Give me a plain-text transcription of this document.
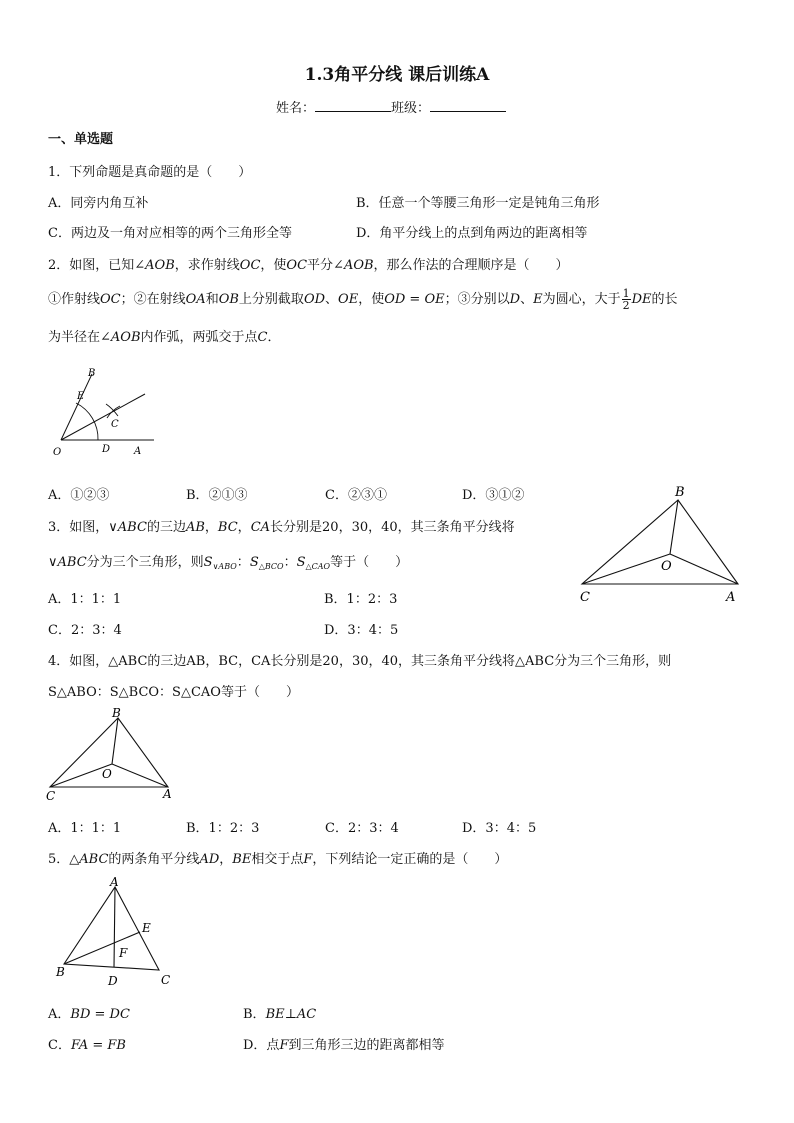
1.3角平分线 课后训练A
姓名：	班级：
一、单选题
1．下列命题是真命题的是（　　）
A．同旁内角互补	B．任意一个等腰三角形一定是钝角三角形
C．两边及一角对应相等的两个三角形全等	D．角平分线上的点到角两边的距离相等
2．如图，已知∠AOB，求作射线OC，使OC平分∠AOB，那么作法的合理顺序是（　　）
①作射线OC；②在射线OA和OB上分别截取OD、OE，使OD = OE；③分别以D、E为圆心，大于 $\frac{1}{2}$ DE的长
为半径在∠AOB内作弧，两弧交于点C．
B
E
C
O	D A
A．①②③	B．②①③	C．②③①	D．③①②
3．如图，∨ABC的三边AB，BC，CA长分别是20，30，40，其三条角平分线将
∨ABC分为三个三角形，则$S_{\vee ABO}$：$S_{\triangle BCO}$：$S_{\triangle CAO}$等于（　　）
B
O
C	A
A．1：1：1	B．1：2：3
C．2：3：4	D．3：4：5
4．如图，△ABC的三边AB，BC，CA长分别是20，30，40，其三条角平分线将△ABC分为三个三角形，则
S△ABO：S△BCO：S△CAO等于（　　）
B
O
C	A
A．1：1：1	B．1：2：3	C．2：3：4	D．3：4：5
5．△ABC的两条角平分线AD，BE相交于点F，下列结论一定正确的是（　　）
A
E
F
B
D	C
A．BD = DC	B．BE⊥AC
C．FA = FB	D．点F到三角形三边的距离都相等
